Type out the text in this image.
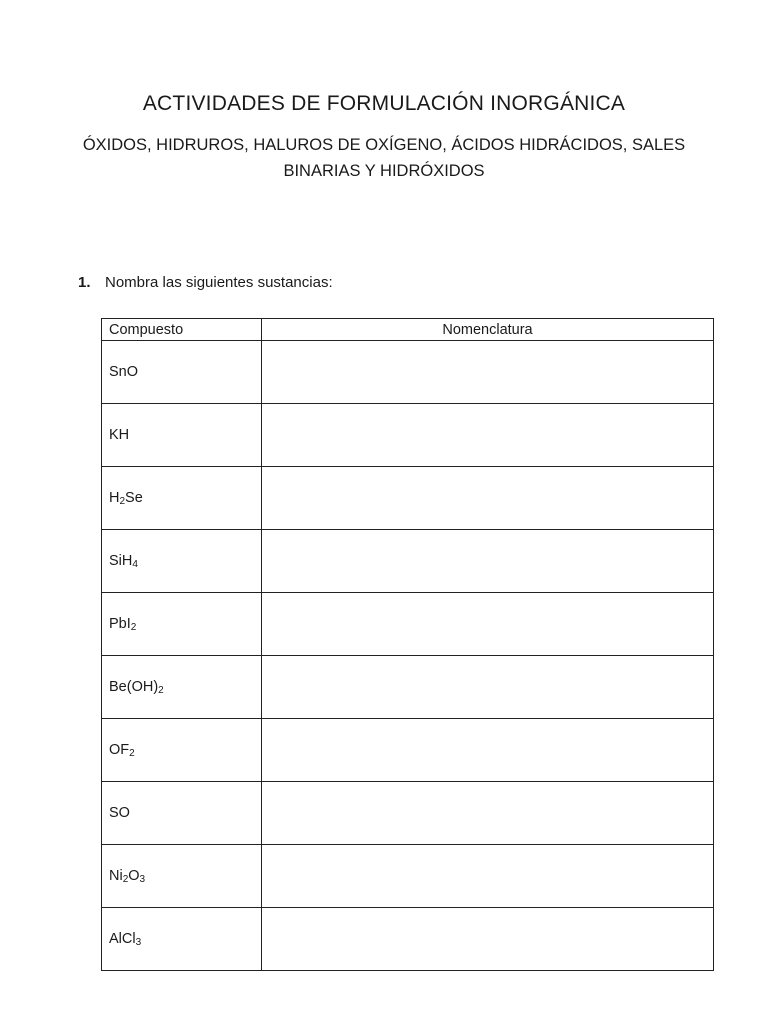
ACTIVIDADES DE FORMULACIÓN INORGÁNICA
ÓXIDOS, HIDRUROS, HALUROS DE OXÍGENO, ÁCIDOS HIDRÁCIDOS, SALES BINARIAS Y HIDRÓXIDOS

1. Nombra las siguientes sustancias:

Compuesto	Nomenclatura
SnO	
KH	
$H_2Se$	
SiH$_4$	
PbI$_2$	
$Be(OH)_2$	
$OF_2$	
SO	
$Ni_2O_3$	
AlCl$_3$	
